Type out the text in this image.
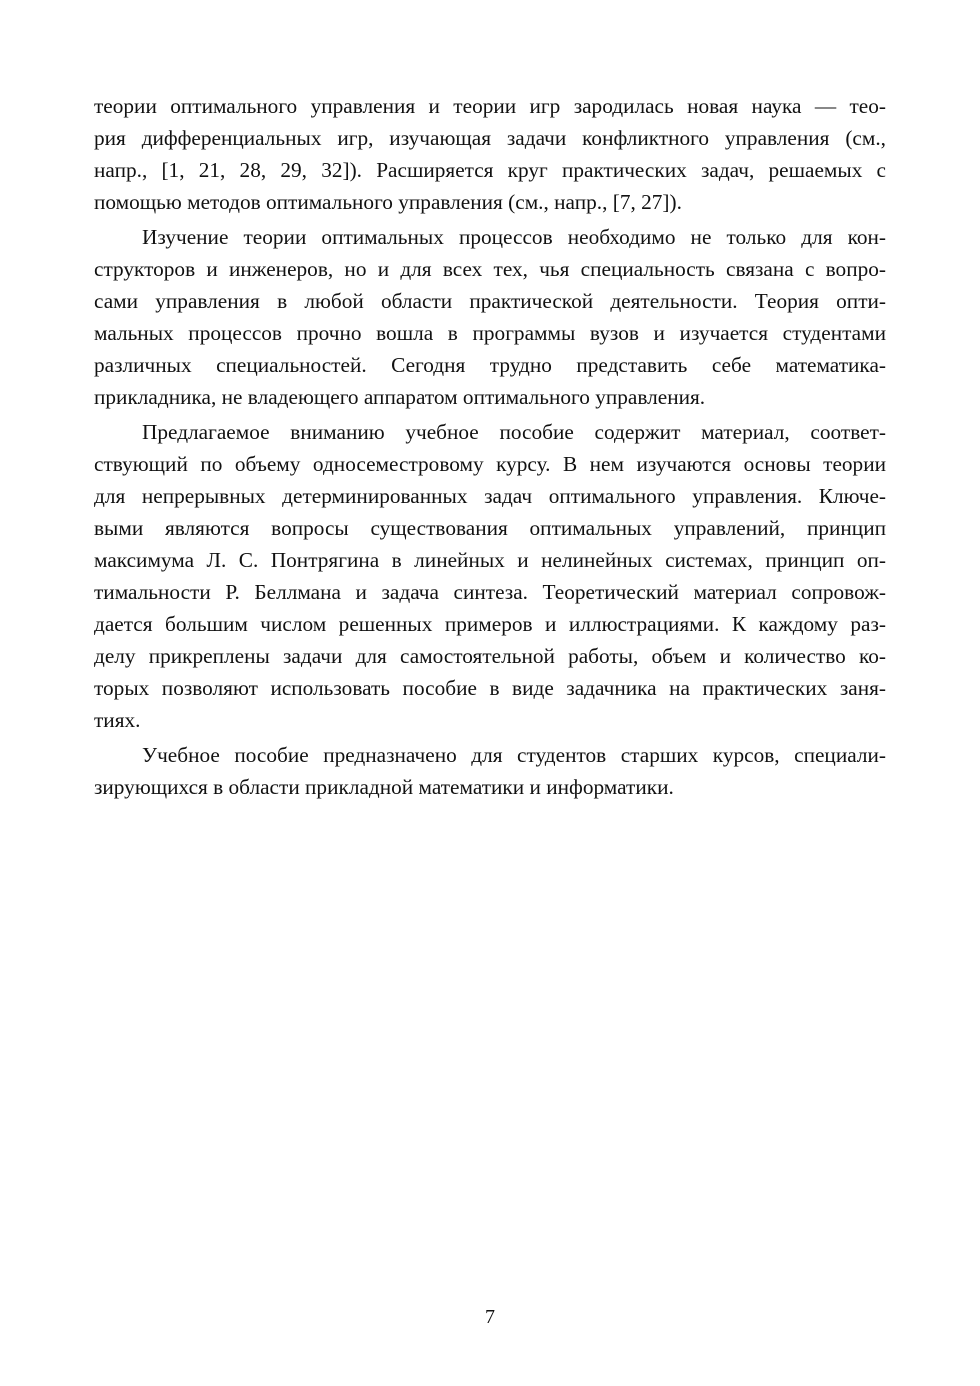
теории оптимального управления и теории игр зародилась новая наука — тео-
рия дифференциальных игр, изучающая задачи конфликтного управления (см.,
напр., [1, 21, 28, 29, 32]). Расширяется круг практических задач, решаемых с
помощью методов оптимального управления (см., напр., [7, 27]).

Изучение теории оптимальных процессов необходимо не только для кон-
структоров и инженеров, но и для всех тех, чья специальность связана с вопро-
сами управления в любой области практической деятельности. Теория опти-
мальных процессов прочно вошла в программы вузов и изучается студентами
различных специальностей. Сегодня трудно представить себе математика-
прикладника, не владеющего аппаратом оптимального управления.

Предлагаемое вниманию учебное пособие содержит материал, соответ-
ствующий по объему односеместровому курсу. В нем изучаются основы теории
для непрерывных детерминированных задач оптимального управления. Ключе-
выми являются вопросы существования оптимальных управлений, принцип
максимума Л. С. Понтрягина в линейных и нелинейных системах, принцип оп-
тимальности Р. Беллмана и задача синтеза. Теоретический материал сопровож-
дается большим числом решенных примеров и иллюстрациями. К каждому раз-
делу прикреплены задачи для самостоятельной работы, объем и количество ко-
торых позволяют использовать пособие в виде задачника на практических заня-
тиях.

Учебное пособие предназначено для студентов старших курсов, специали-
зирующихся в области прикладной математики и информатики.

7
